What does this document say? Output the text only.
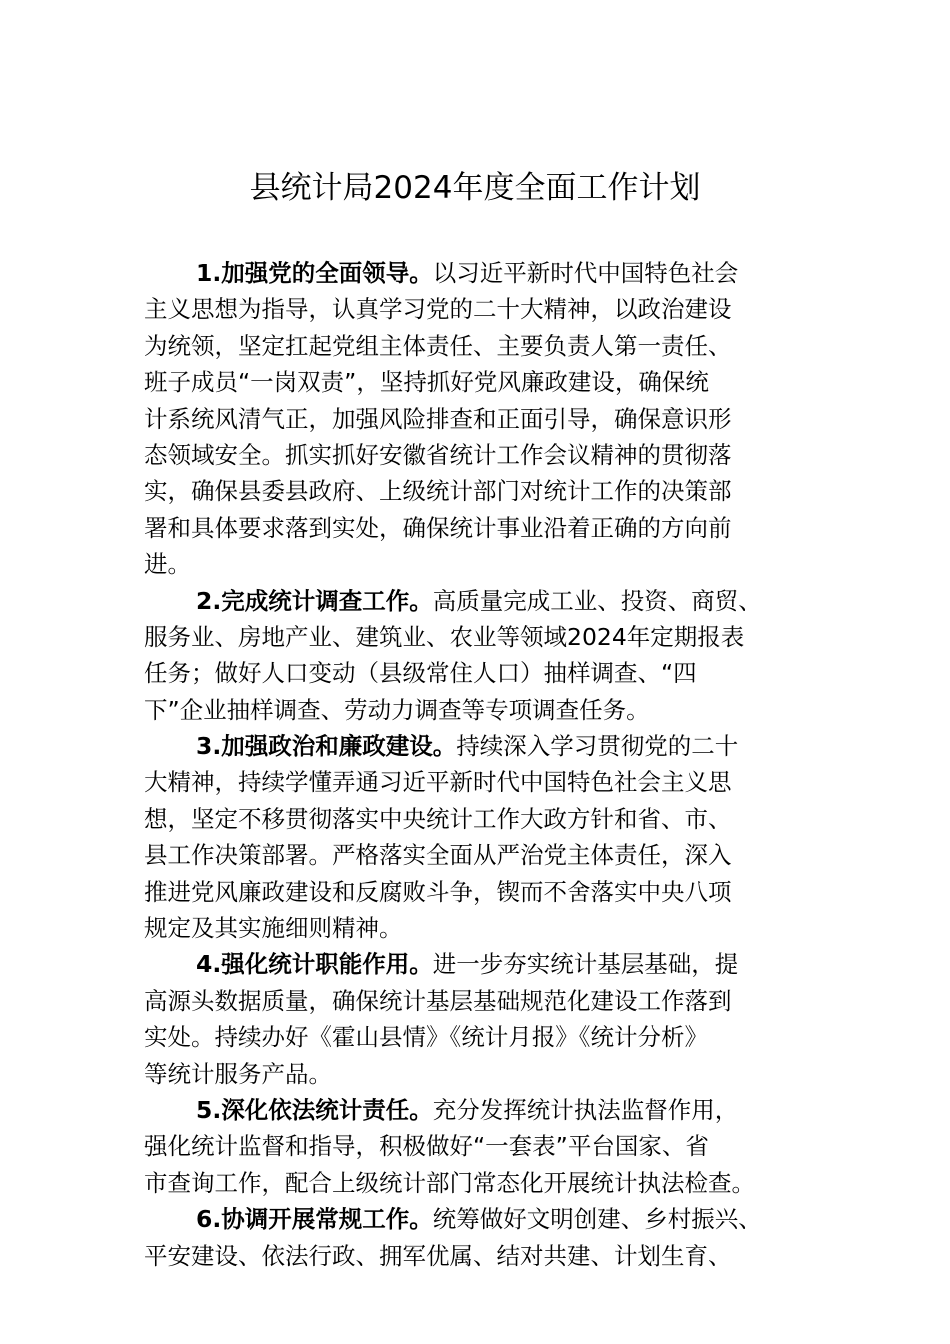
县统计局2024年度全面工作计划
1.加强党的全面领导。以习近平新时代中国特色社会
主义思想为指导，认真学习党的二十大精神，以政治建设
为统领，坚定扛起党组主体责任、主要负责人第一责任、
班子成员“一岗双责”，坚持抓好党风廉政建设，确保统
计系统风清气正，加强风险排查和正面引导，确保意识形
态领域安全。抓实抓好安徽省统计工作会议精神的贯彻落
实，确保县委县政府、上级统计部门对统计工作的决策部
署和具体要求落到实处，确保统计事业沿着正确的方向前
进。
2.完成统计调查工作。高质量完成工业、投资、商贸、
服务业、房地产业、建筑业、农业等领域2024年定期报表
任务；做好人口变动（县级常住人口）抽样调查、“四
下”企业抽样调查、劳动力调查等专项调查任务。
3.加强政治和廉政建设。持续深入学习贯彻党的二十
大精神，持续学懂弄通习近平新时代中国特色社会主义思
想，坚定不移贯彻落实中央统计工作大政方针和省、市、
县工作决策部署。严格落实全面从严治党主体责任，深入
推进党风廉政建设和反腐败斗争，锲而不舍落实中央八项
规定及其实施细则精神。
4.强化统计职能作用。进一步夯实统计基层基础，提
高源头数据质量，确保统计基层基础规范化建设工作落到
实处。持续办好《霍山县情》《统计月报》《统计分析》
等统计服务产品。
5.深化依法统计责任。充分发挥统计执法监督作用，
强化统计监督和指导，积极做好“一套表”平台国家、省
市查询工作，配合上级统计部门常态化开展统计执法检查。
6.协调开展常规工作。统筹做好文明创建、乡村振兴、
平安建设、依法行政、拥军优属、结对共建、计划生育、
